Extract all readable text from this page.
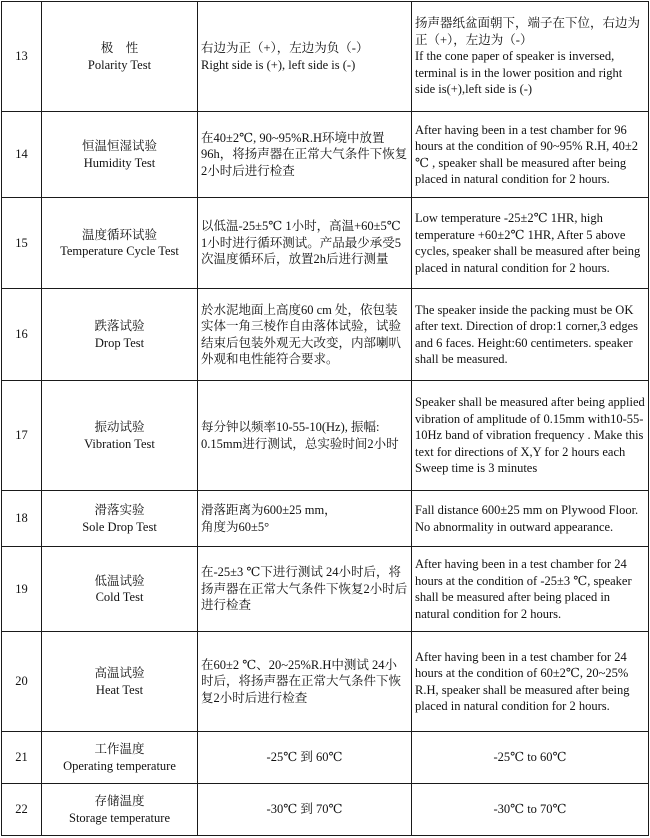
13	极　性
Polarity Test	右边为正（+），左边为负（-）
Right side is (+), left side is (-)	扬声器纸盆面朝下，端子在下位，右边为正（+），左边为（-）
If the cone paper of speaker is inversed, terminal is in the lower position and right side is(+),left side is (-)

14	恒温恒湿试验
Humidity Test	在40±2℃, 90~95%R.H环境中放置96h，将扬声器在正常大气条件下恢复2小时后进行检查	After having been in a test chamber for 96 hours at the condition of 90~95% R.H, 40±2 ℃ , speaker shall be measured after being placed in natural condition for 2 hours.
15	温度循环试验
Temperature Cycle Test	以低温-25±5℃ 1小时，高温+60±5℃ 1小时进行循环测试。产品最少承受5次温度循环后，放置2h后进行测量	Low temperature -25±2℃ 1HR, high temperature +60±2℃ 1HR, After 5 above cycles, speaker shall be measured after being placed in natural condition for 2 hours.
16	跌落试验
Drop Test	於水泥地面上高度60 cm 处，依包装实体一角三棱作自由落体试验，试验结束后包装外观无大改变，内部喇叭外观和电性能符合要求。	The speaker inside the packing must be OK after text. Direction of drop:1 corner,3 edges and 6 faces. Height:60 centimeters. speaker shall be measured.
17	振动试验
Vibration Test	每分钟以频率10-55-10(Hz), 振幅: 0.15mm进行测试，总实验时间2小时	Speaker shall be measured after being applied vibration of amplitude of 0.15mm with10-55-10Hz band of vibration frequency . Make this text for directions of X,Y for 2 hours each Sweep time is 3 minutes
18	滑落实验
Sole Drop Test	滑落距离为600±25 mm，
角度为60±5°	Fall distance 600±25 mm on Plywood Floor. No abnormality in outward appearance.
19	低温试验
Cold Test	在-25±3 ℃下进行测试 24小时后，将扬声器在正常大气条件下恢复2小时后进行检查	After having been in a test chamber for 24 hours at the condition of -25±3 ℃, speaker shall be measured after being placed in natural condition for 2 hours.
20	高温试验
Heat Test	在60±2 ℃、20~25%R.H中测试 24小时后，将扬声器在正常大气条件下恢复2小时后进行检查	After having been in a test chamber for 24 hours at the condition of 60±2℃, 20~25% R.H, speaker shall be measured after being placed in natural condition for 2 hours.
21	工作温度
Operating temperature	-25℃ 到 60℃	-25℃ to 60℃
22	存储温度
Storage temperature	-30℃ 到 70℃	-30℃ to 70℃
